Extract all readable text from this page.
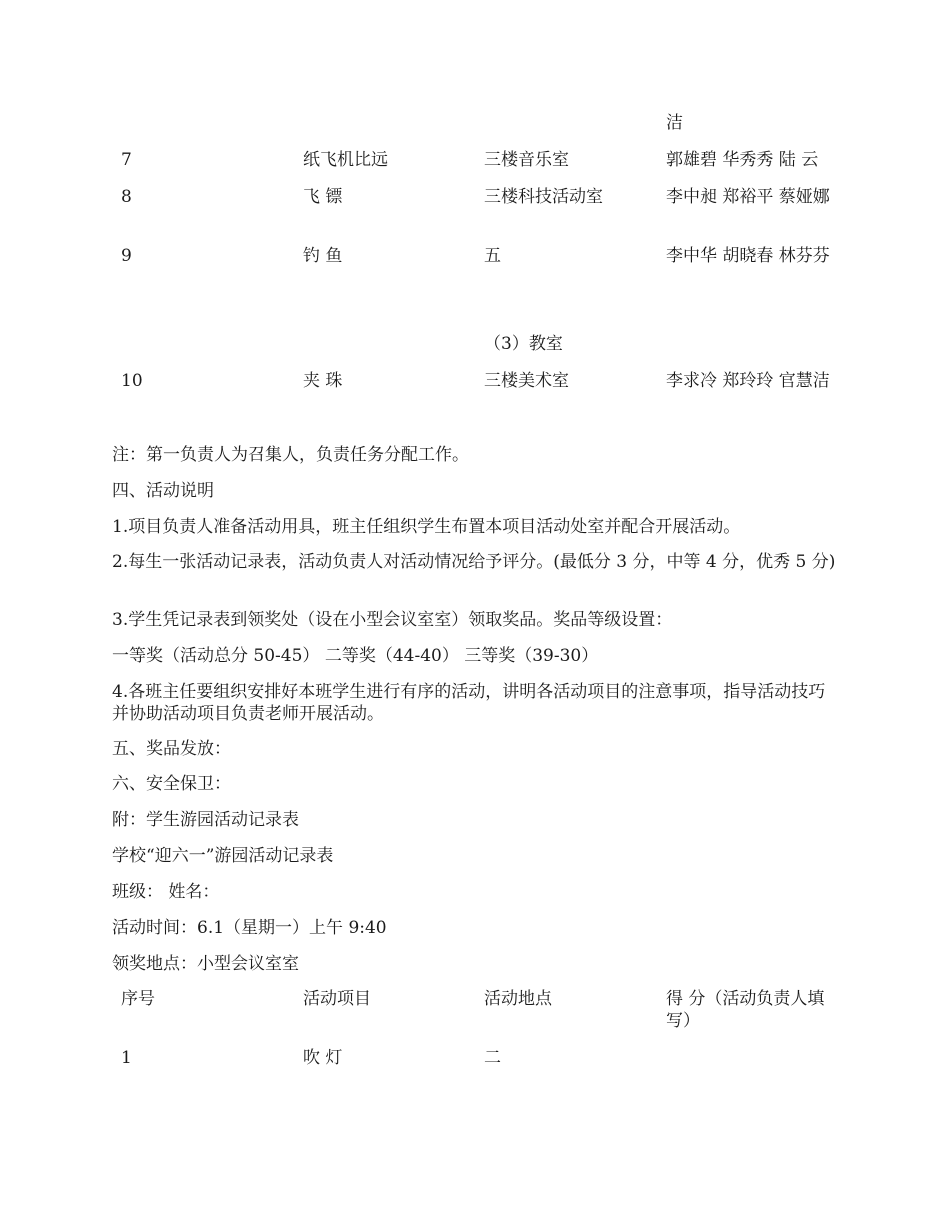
洁
7	纸飞机比远	三楼音乐室	郭雄碧 华秀秀 陆 云
8	飞 镖	三楼科技活动室	李中昶 郑裕平 蔡娅娜
9	钓 鱼	五	李中华 胡晓春 林芬芬
（3）教室
10	夹 珠	三楼美术室	李求冷 郑玲玲 官慧洁
注：第一负责人为召集人，负责任务分配工作。
四、活动说明
1.项目负责人准备活动用具，班主任组织学生布置本项目活动处室并配合开展活动。
2.每生一张活动记录表，活动负责人对活动情况给予评分。(最低分 3 分，中等 4 分，优秀 5 分)
3.学生凭记录表到领奖处（设在小型会议室室）领取奖品。奖品等级设置：
一等奖（活动总分 50-45） 二等奖（44-40） 三等奖（39-30）
4.各班主任要组织安排好本班学生进行有序的活动，讲明各活动项目的注意事项，指导活动技巧并协助活动项目负责老师开展活动。
五、奖品发放：
六、安全保卫：
附：学生游园活动记录表
学校“迎六一”游园活动记录表
班级： 姓名：
活动时间：6.1（星期一）上午 9:40
领奖地点：小型会议室室
序号	活动项目	活动地点	得 分（活动负责人填写）
1	吹 灯	二
